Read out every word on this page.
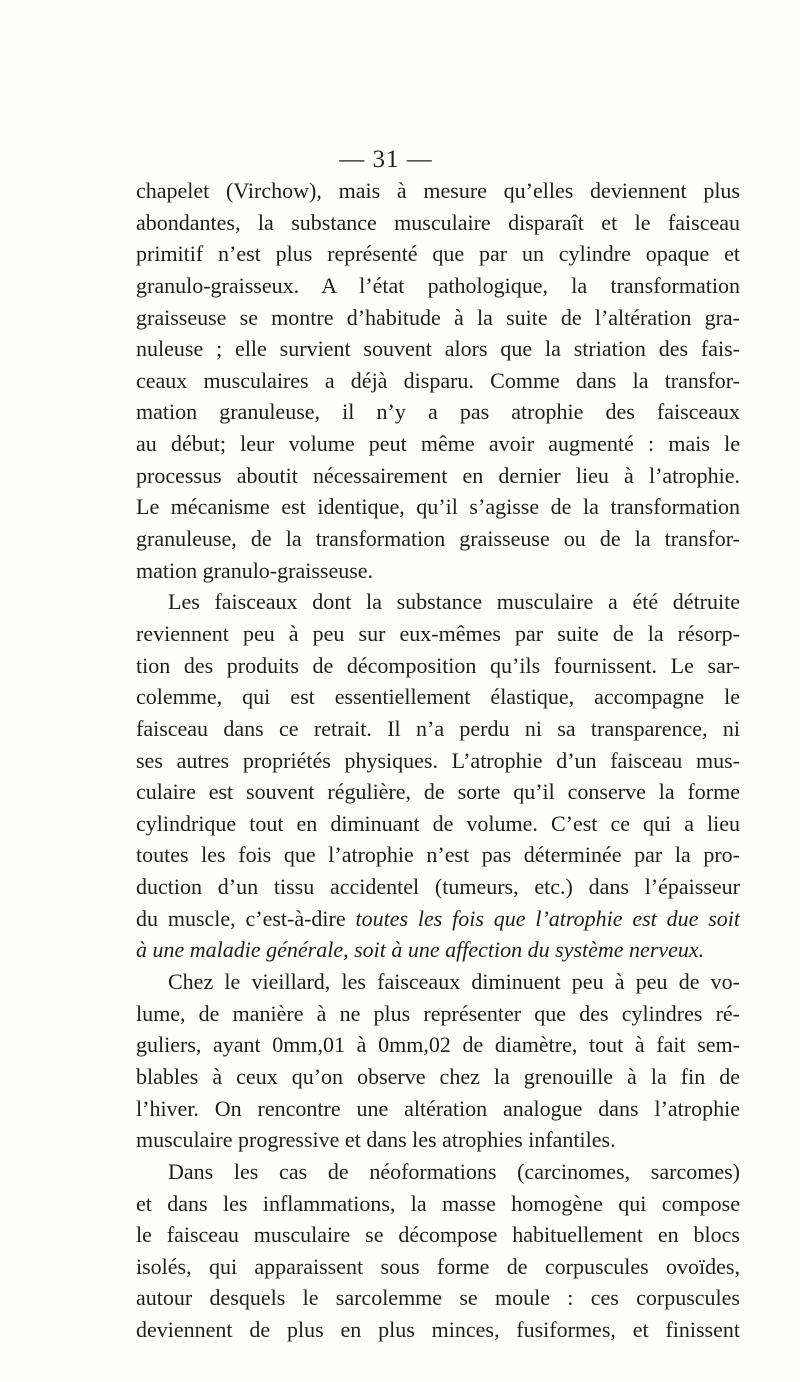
— 31 —
chapelet (Virchow), mais à mesure qu’elles deviennent plus
abondantes, la substance musculaire disparaît et le faisceau
primitif n’est plus représenté que par un cylindre opaque et
granulo-graisseux. A l’état pathologique, la transformation
graisseuse se montre d’habitude à la suite de l’altération gra-
nuleuse ; elle survient souvent alors que la striation des fais-
ceaux musculaires a déjà disparu. Comme dans la transfor-
mation granuleuse, il n’y a pas atrophie des faisceaux
au début; leur volume peut même avoir augmenté : mais le
processus aboutit nécessairement en dernier lieu à l’atrophie.
Le mécanisme est identique, qu’il s’agisse de la transformation
granuleuse, de la transformation graisseuse ou de la transfor-
mation granulo-graisseuse.
Les faisceaux dont la substance musculaire a été détruite
reviennent peu à peu sur eux-mêmes par suite de la résorp-
tion des produits de décomposition qu’ils fournissent. Le sar-
colemme, qui est essentiellement élastique, accompagne le
faisceau dans ce retrait. Il n’a perdu ni sa transparence, ni
ses autres propriétés physiques. L’atrophie d’un faisceau mus-
culaire est souvent régulière, de sorte qu’il conserve la forme
cylindrique tout en diminuant de volume. C’est ce qui a lieu
toutes les fois que l’atrophie n’est pas déterminée par la pro-
duction d’un tissu accidentel (tumeurs, etc.) dans l’épaisseur
du muscle, c’est-à-dire toutes les fois que l’atrophie est due soit
à une maladie générale, soit à une affection du système nerveux.
Chez le vieillard, les faisceaux diminuent peu à peu de vo-
lume, de manière à ne plus représenter que des cylindres ré-
guliers, ayant 0mm,01 à 0mm,02 de diamètre, tout à fait sem-
blables à ceux qu’on observe chez la grenouille à la fin de
l’hiver. On rencontre une altération analogue dans l’atrophie
musculaire progressive et dans les atrophies infantiles.
Dans les cas de néoformations (carcinomes, sarcomes)
et dans les inflammations, la masse homogène qui compose
le faisceau musculaire se décompose habituellement en blocs
isolés, qui apparaissent sous forme de corpuscules ovoïdes,
autour desquels le sarcolemme se moule : ces corpuscules
deviennent de plus en plus minces, fusiformes, et finissent
